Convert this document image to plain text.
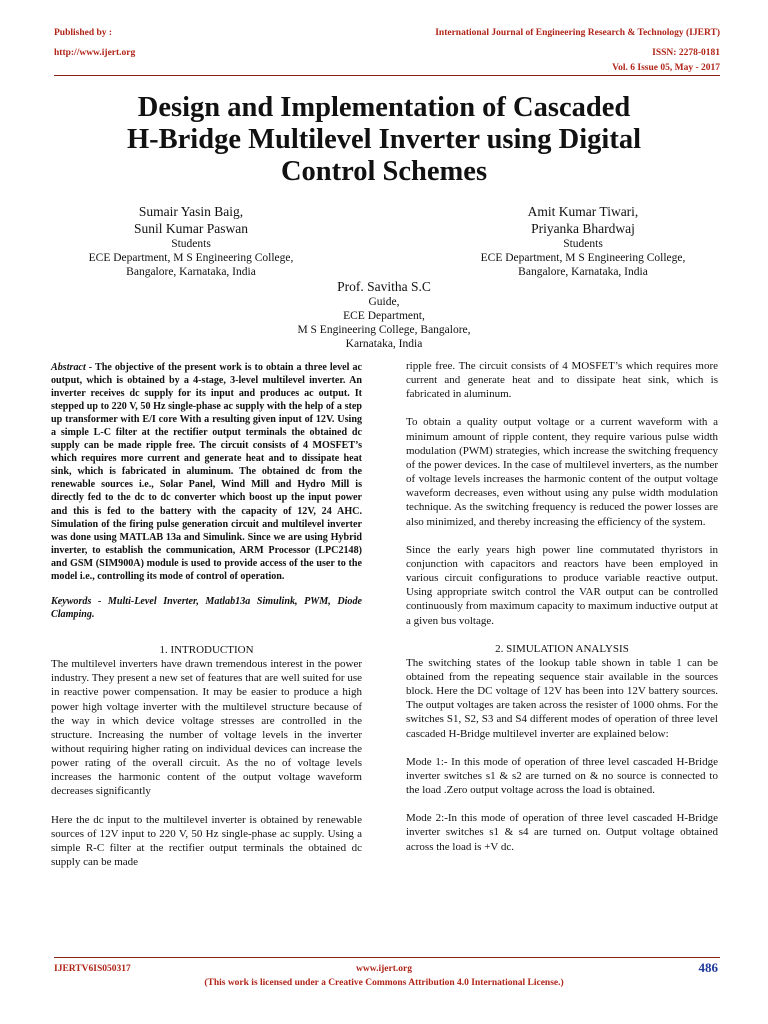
Published by :
http://www.ijert.org
International Journal of Engineering Research & Technology (IJERT)
ISSN: 2278-0181
Vol. 6 Issue 05, May - 2017
Design and Implementation of Cascaded
H-Bridge Multilevel Inverter using Digital
Control Schemes
Sumair Yasin Baig,
Sunil Kumar Paswan
Students
ECE Department, M S Engineering College,
Bangalore, Karnataka, India
Amit Kumar Tiwari,
Priyanka Bhardwaj
Students
ECE Department, M S Engineering College,
Bangalore, Karnataka, India
Prof. Savitha S.C
Guide,
ECE Department,
M S Engineering College, Bangalore,
Karnataka, India

Abstract - The objective of the present work is to obtain a three level ac output, which is obtained by a 4-stage, 3-level multilevel inverter. An inverter receives dc supply for its input and produces ac output. It stepped up to 220 V, 50 Hz single-phase ac supply with the help of a step up transformer with E/I core With a resulting given input of 12V. Using a simple L-C filter at the rectifier output terminals the obtained dc supply can be made ripple free. The circuit consists of 4 MOSFET’s which requires more current and generate heat and to dissipate heat sink, which is fabricated in aluminum. The obtained dc from the renewable sources i.e., Solar Panel, Wind Mill and Hydro Mill is directly fed to the dc to dc converter which boost up the input power and this is fed to the battery with the capacity of 12V, 24 AHC. Simulation of the firing pulse generation circuit and multilevel inverter was done using MATLAB 13a and Simulink. Since we are using Hybrid inverter, to establish the communication, ARM Processor (LPC2148) and GSM (SIM900A) module is used to provide access of the user to the model i.e., controlling its mode of control of operation.

Keywords - Multi-Level Inverter, Matlab13a Simulink, PWM, Diode Clamping.

1. INTRODUCTION

The multilevel inverters have drawn tremendous interest in the power industry. They present a new set of features that are well suited for use in reactive power compensation. It may be easier to produce a high power high voltage inverter with the multilevel structure because of the way in which device voltage stresses are controlled in the structure. Increasing the number of voltage levels in the inverter without requiring higher rating on individual devices can increase the power rating of the overall circuit. As the no of voltage levels increases the harmonic content of the output voltage waveform decreases significantly

Here the dc input to the multilevel inverter is obtained by renewable sources of 12V input to 220 V, 50 Hz single-phase ac supply. Using a simple R-C filter at the rectifier output terminals the obtained dc supply can be made

ripple free. The circuit consists of 4 MOSFET’s which requires more current and generate heat and to dissipate heat sink, which is fabricated in aluminum.

To obtain a quality output voltage or a current waveform with a minimum amount of ripple content, they require various pulse width modulation (PWM) strategies, which increase the switching frequency of the power devices. In the case of multilevel inverters, as the number of voltage levels increases the harmonic content of the output voltage waveform decreases, even without using any pulse width modulation technique. As the switching frequency is reduced the power losses are also minimized, and thereby increasing the efficiency of the system.

Since the early years high power line commutated thyristors in conjunction with capacitors and reactors have been employed in various circuit configurations to produce variable reactive output. Using appropriate switch control the VAR output can be controlled continuously from maximum capacity to maximum inductive output at a given bus voltage.

2. SIMULATION ANALYSIS

The switching states of the lookup table shown in table 1 can be obtained from the repeating sequence stair available in the sources block. Here the DC voltage of 12V has been into 12V battery sources. The output voltages are taken across the resister of 1000 ohms. For the switches S1, S2, S3 and S4 different modes of operation of three level cascaded H-Bridge multilevel inverter are explained below:

Mode 1:- In this mode of operation of three level cascaded H-Bridge inverter switches s1 & s2 are turned on & no source is connected to the load .Zero output voltage across the load is obtained.

Mode 2:-In this mode of operation of three level cascaded H-Bridge inverter switches s1 & s4 are turned on. Output voltage obtained across the load is +V dc.

IJERTV6IS050317	www.ijert.org	486
(This work is licensed under a Creative Commons Attribution 4.0 International License.)
